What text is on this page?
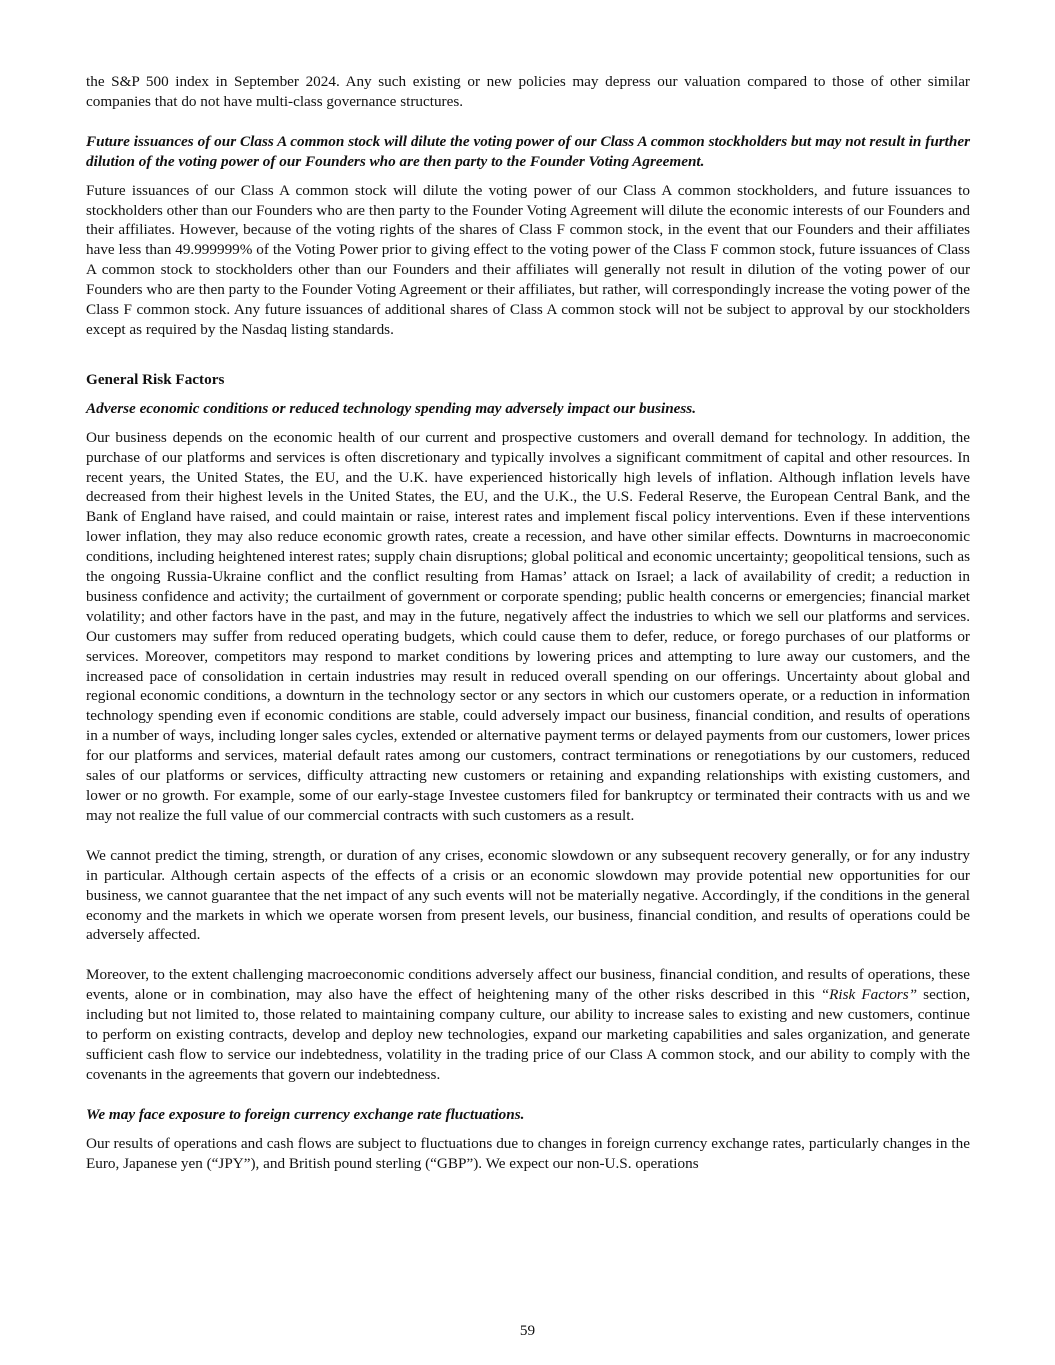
the S&P 500 index in September 2024. Any such existing or new policies may depress our valuation compared to those of other similar companies that do not have multi-class governance structures.

Future issuances of our Class A common stock will dilute the voting power of our Class A common stockholders but may not result in further dilution of the voting power of our Founders who are then party to the Founder Voting Agreement.

Future issuances of our Class A common stock will dilute the voting power of our Class A common stockholders, and future issuances to stockholders other than our Founders who are then party to the Founder Voting Agreement will dilute the economic interests of our Founders and their affiliates. However, because of the voting rights of the shares of Class F common stock, in the event that our Founders and their affiliates have less than 49.999999% of the Voting Power prior to giving effect to the voting power of the Class F common stock, future issuances of Class A common stock to stockholders other than our Founders and their affiliates will generally not result in dilution of the voting power of our Founders who are then party to the Founder Voting Agreement or their affiliates, but rather, will correspondingly increase the voting power of the Class F common stock. Any future issuances of additional shares of Class A common stock will not be subject to approval by our stockholders except as required by the Nasdaq listing standards.

General Risk Factors

Adverse economic conditions or reduced technology spending may adversely impact our business.

Our business depends on the economic health of our current and prospective customers and overall demand for technology. In addition, the purchase of our platforms and services is often discretionary and typically involves a significant commitment of capital and other resources. In recent years, the United States, the EU, and the U.K. have experienced historically high levels of inflation. Although inflation levels have decreased from their highest levels in the United States, the EU, and the U.K., the U.S. Federal Reserve, the European Central Bank, and the Bank of England have raised, and could maintain or raise, interest rates and implement fiscal policy interventions. Even if these interventions lower inflation, they may also reduce economic growth rates, create a recession, and have other similar effects. Downturns in macroeconomic conditions, including heightened interest rates; supply chain disruptions; global political and economic uncertainty; geopolitical tensions, such as the ongoing Russia-Ukraine conflict and the conflict resulting from Hamas’ attack on Israel; a lack of availability of credit; a reduction in business confidence and activity; the curtailment of government or corporate spending; public health concerns or emergencies; financial market volatility; and other factors have in the past, and may in the future, negatively affect the industries to which we sell our platforms and services. Our customers may suffer from reduced operating budgets, which could cause them to defer, reduce, or forego purchases of our platforms or services. Moreover, competitors may respond to market conditions by lowering prices and attempting to lure away our customers, and the increased pace of consolidation in certain industries may result in reduced overall spending on our offerings. Uncertainty about global and regional economic conditions, a downturn in the technology sector or any sectors in which our customers operate, or a reduction in information technology spending even if economic conditions are stable, could adversely impact our business, financial condition, and results of operations in a number of ways, including longer sales cycles, extended or alternative payment terms or delayed payments from our customers, lower prices for our platforms and services, material default rates among our customers, contract terminations or renegotiations by our customers, reduced sales of our platforms or services, difficulty attracting new customers or retaining and expanding relationships with existing customers, and lower or no growth. For example, some of our early-stage Investee customers filed for bankruptcy or terminated their contracts with us and we may not realize the full value of our commercial contracts with such customers as a result.

We cannot predict the timing, strength, or duration of any crises, economic slowdown or any subsequent recovery generally, or for any industry in particular. Although certain aspects of the effects of a crisis or an economic slowdown may provide potential new opportunities for our business, we cannot guarantee that the net impact of any such events will not be materially negative. Accordingly, if the conditions in the general economy and the markets in which we operate worsen from present levels, our business, financial condition, and results of operations could be adversely affected.

Moreover, to the extent challenging macroeconomic conditions adversely affect our business, financial condition, and results of operations, these events, alone or in combination, may also have the effect of heightening many of the other risks described in this “Risk Factors” section, including but not limited to, those related to maintaining company culture, our ability to increase sales to existing and new customers, continue to perform on existing contracts, develop and deploy new technologies, expand our marketing capabilities and sales organization, and generate sufficient cash flow to service our indebtedness, volatility in the trading price of our Class A common stock, and our ability to comply with the covenants in the agreements that govern our indebtedness.

We may face exposure to foreign currency exchange rate fluctuations.

Our results of operations and cash flows are subject to fluctuations due to changes in foreign currency exchange rates, particularly changes in the Euro, Japanese yen (“JPY”), and British pound sterling (“GBP”). We expect our non-U.S. operations

59
